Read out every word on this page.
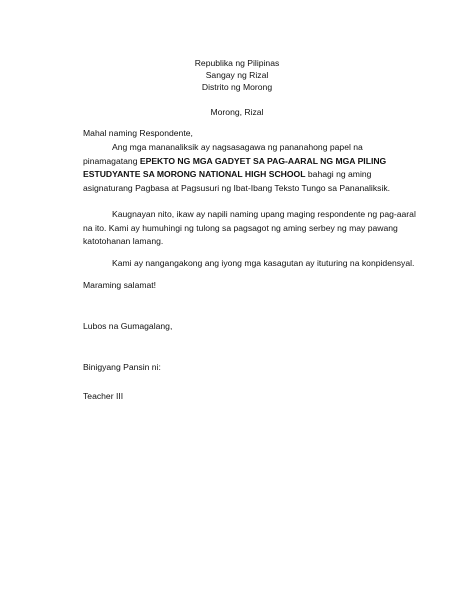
Republika ng Pilipinas
Sangay ng Rizal
Distrito ng Morong
Morong, Rizal
Mahal naming Respondente,
Ang mga mananaliksik ay nagsasagawa ng pananahong papel na
pinamagatang EPEKTO NG MGA GADYET SA PAG-AARAL NG MGA PILING
ESTUDYANTE SA MORONG NATIONAL HIGH SCHOOL bahagi ng aming
asignaturang Pagbasa at Pagsusuri ng Ibat-Ibang Teksto Tungo sa Pananaliksik.
Kaugnayan nito, ikaw ay napili naming upang maging respondente ng pag-aaral
na ito. Kami ay humuhingi ng tulong sa pagsagot ng aming serbey ng may pawang
katotohanan lamang.
Kami ay nangangakong ang iyong mga kasagutan ay ituturing na konpidensyal.
Maraming salamat!
Lubos na Gumagalang,
Binigyang Pansin ni:
Teacher III
